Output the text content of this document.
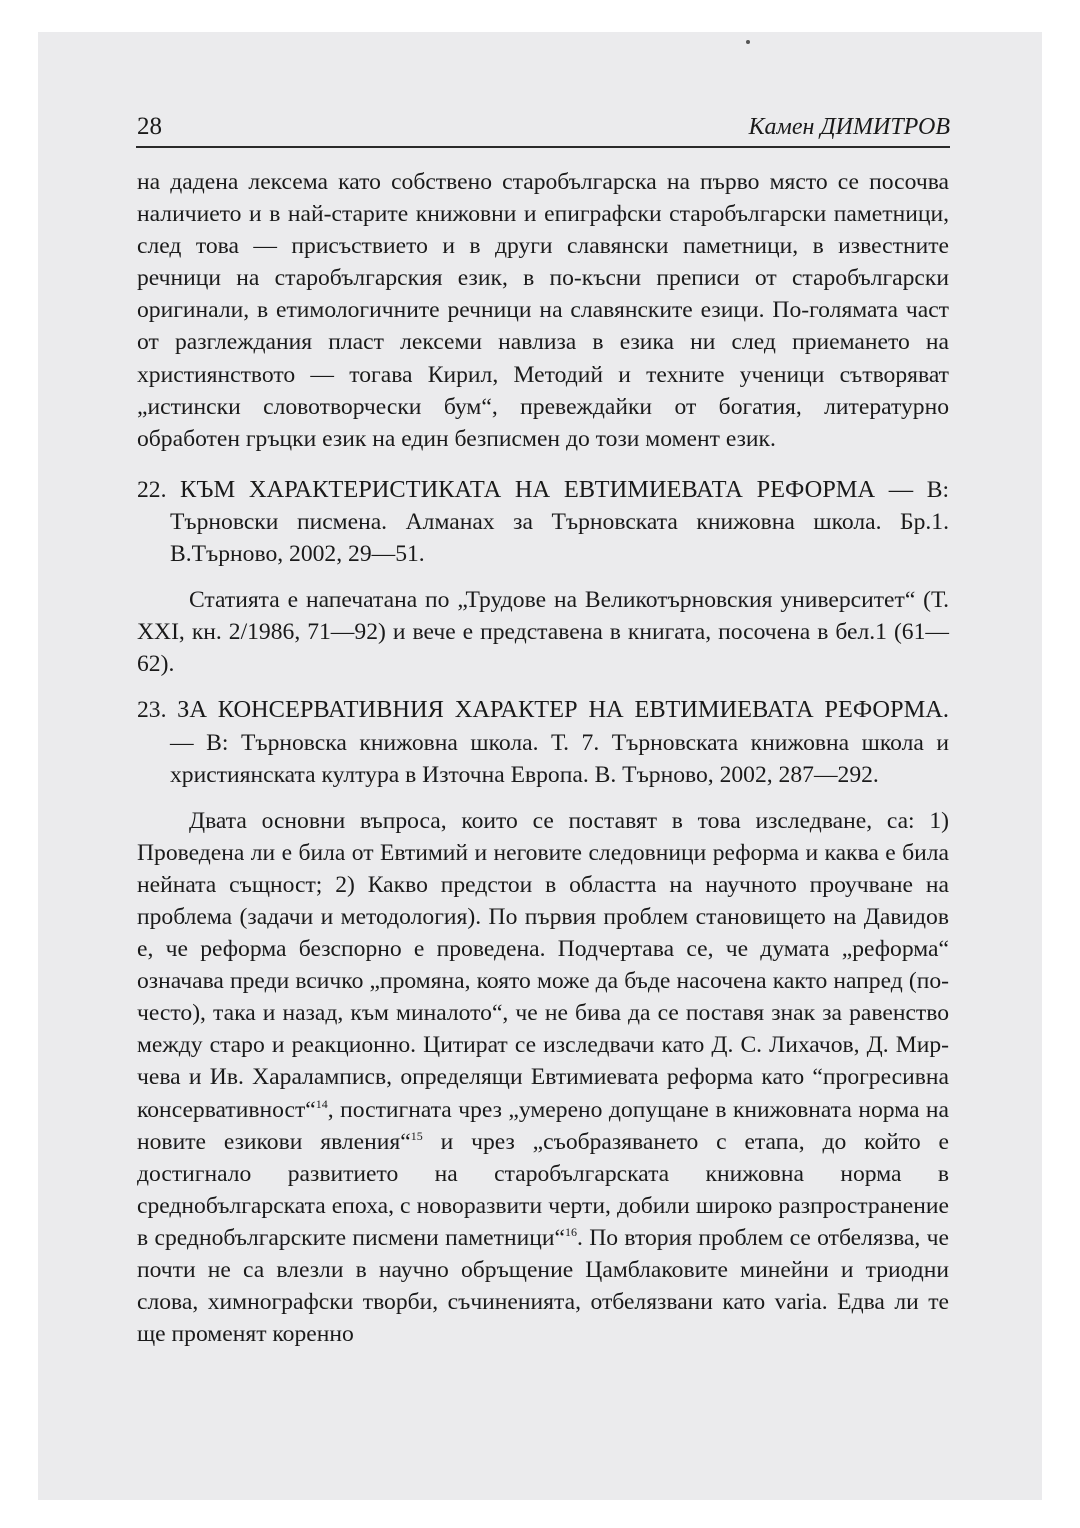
28	Камен ДИМИТРОВ

на дадена лексема като собствено старобългарска на първо място се посочва наличието и в най-старите книжовни и епиграфски старобългарски паметници, след това — присъствието и в други славянски паметници, в известните речници на старобългарския език, в по-късни преписи от старобългарски оригинали, в етимологичните речници на славянските езици. По-голямата част от разглеждания пласт лексеми навлиза в езика ни след приемането на християнството — тогава Кирил, Методий и техните ученици сътворяват „истински словотворчески бум“, превеждайки от богатия, литературно обработен гръцки език на един безписмен до този момент език.

22. КЪМ ХАРАКТЕРИСТИКАТА НА ЕВТИМИЕВАТА РЕФОРМА — В: Търновски писмена. Алманах за Търновската книжовна школа. Бр.1. В.Търново, 2002, 29—51.

Статията е напечатана по „Трудове на Великотърновския университет“ (Т. XXI, кн. 2/1986, 71—92) и вече е представена в книгата, посочена в бел.1 (61—62).

23. ЗА КОНСЕРВАТИВНИЯ ХАРАКТЕР НА ЕВТИМИЕВАТА РЕФОРМА. — В: Търновска книжовна школа. Т. 7. Търновската книжовна школа и християнската култура в Източна Европа. В. Търново, 2002, 287—292.

Двата основни въпроса, които се поставят в това изследване, са: 1) Проведена ли е била от Евтимий и неговите следовници реформа и каква е била нейната същност; 2) Какво предстои в областта на научното проучване на проблема (задачи и методология). По първия проблем становището на Давидов е, че реформа безспорно е проведена. Подчертава се, че думата „реформа“ означава преди всичко „промяна, която може да бъде насочена както напред (по-често), така и назад, към миналото“, че не бива да се поставя знак за равенство между старо и реакционно. Цитират се изследвачи като Д. С. Лихачов, Д. Мирчева и Ив. Хараламписв, определящи Евтимиевата реформа като “прогресивна консервативност“$^{14}$, постигната чрез „умерено допущане в книжовната норма на новите езикови явления“$^{15}$ и чрез „съобразяването с етапа, до който е достигнало развитието на старобългарската книжовна норма в среднобългарската епоха, с новоразвити черти, добили широко разпространение в среднобългарските писмени паметници“$^{16}$. По втория проблем се отбелязва, че почти не са влезли в научно обръщение Цамблаковите минейни и триодни слова, химнографски творби, съчиненията, отбелязвани като varia. Едва ли те ще променят коренно
